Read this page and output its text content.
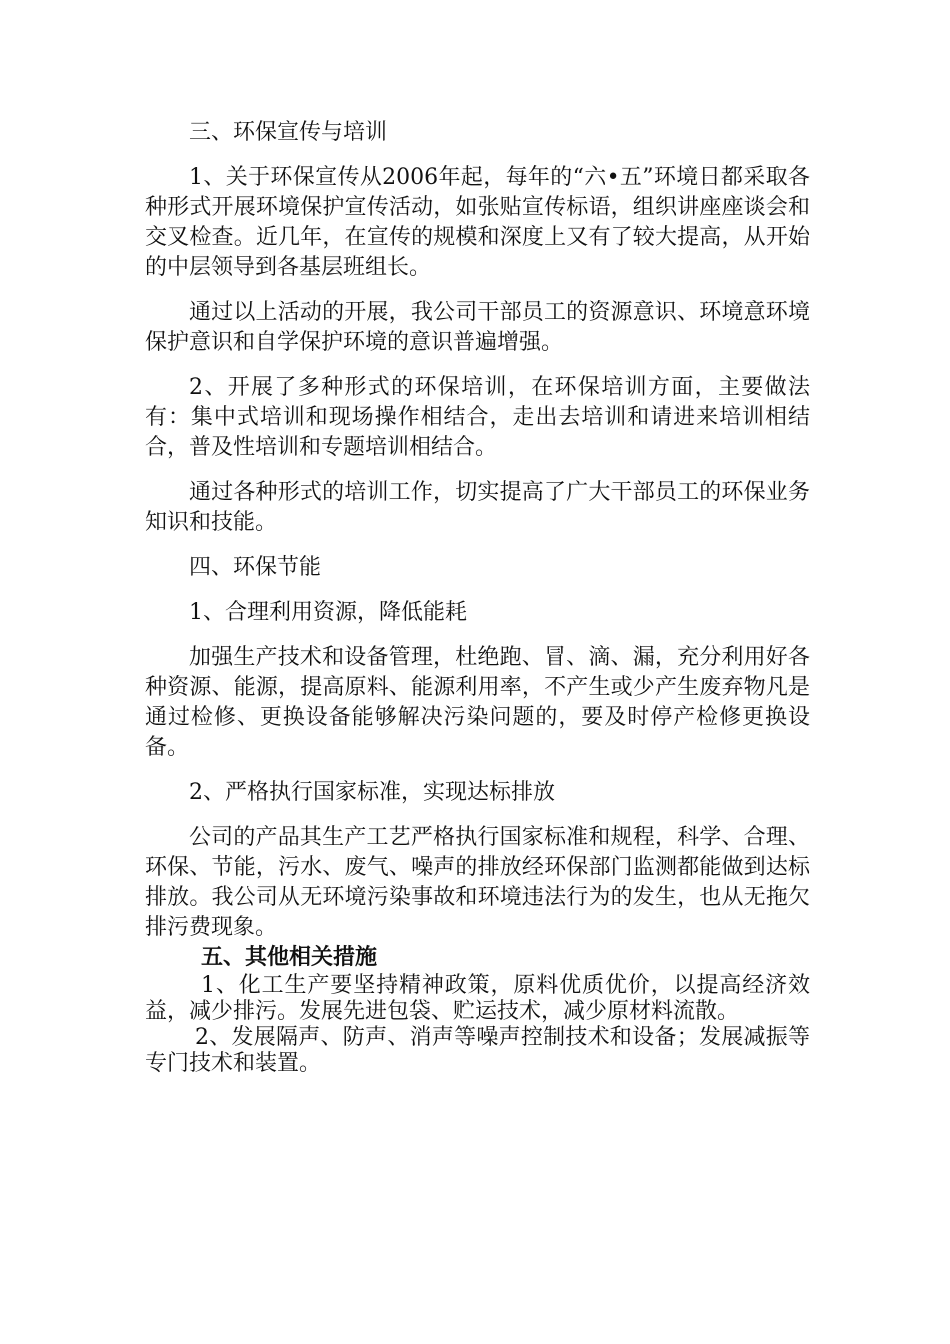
三、环保宣传与培训

1、关于环保宣传从2006年起，每年的“六•五”环境日都采取各种形式开展环境保护宣传活动，如张贴宣传标语，组织讲座座谈会和交叉检查。近几年，在宣传的规模和深度上又有了较大提高，从开始的中层领导到各基层班组长。

通过以上活动的开展，我公司干部员工的资源意识、环境意环境保护意识和自学保护环境的意识普遍增强。

2、开展了多种形式的环保培训，在环保培训方面，主要做法有：集中式培训和现场操作相结合，走出去培训和请进来培训相结合，普及性培训和专题培训相结合。

通过各种形式的培训工作，切实提高了广大干部员工的环保业务知识和技能。

四、环保节能

1、合理利用资源，降低能耗

加强生产技术和设备管理，杜绝跑、冒、滴、漏，充分利用好各种资源、能源，提高原料、能源利用率，不产生或少产生废弃物凡是通过检修、更换设备能够解决污染问题的，要及时停产检修更换设备。

2、严格执行国家标准，实现达标排放

公司的产品其生产工艺严格执行国家标准和规程，科学、合理、环保、节能，污水、废气、噪声的排放经环保部门监测都能做到达标排放。我公司从无环境污染事故和环境违法行为的发生，也从无拖欠排污费现象。

五、其他相关措施

1、化工生产要坚持精神政策，原料优质优价，以提高经济效益，减少排污。发展先进包袋、贮运技术，减少原材料流散。

2、发展隔声、防声、消声等噪声控制技术和设备；发展减振等专门技术和装置。
